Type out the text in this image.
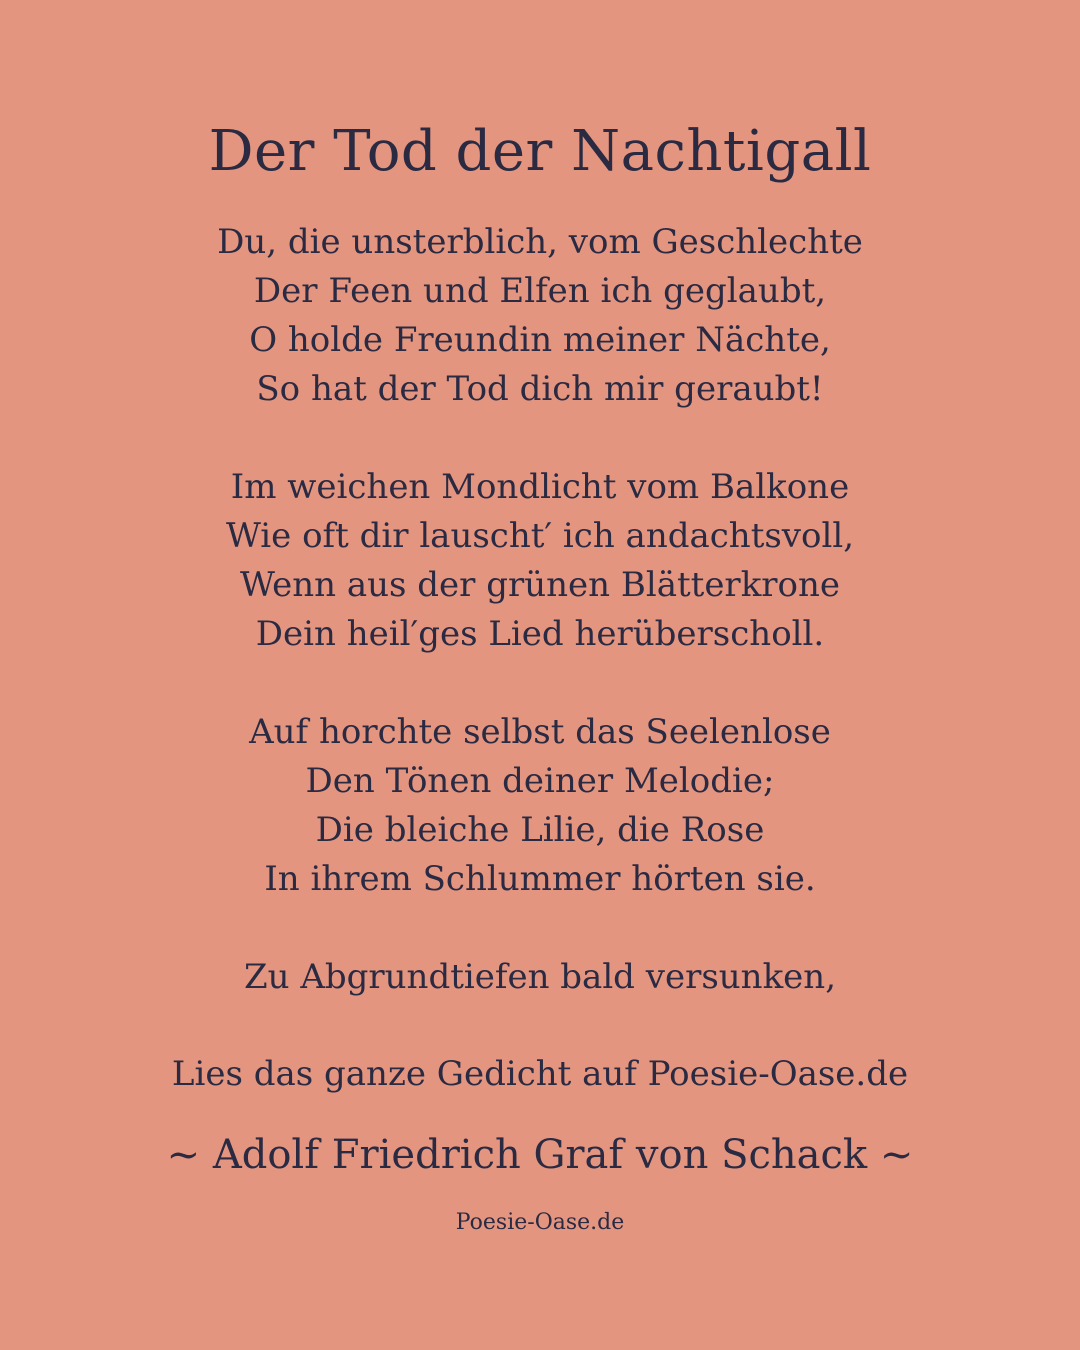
Der Tod der Nachtigall
Du, die unsterblich, vom Geschlechte
Der Feen und Elfen ich geglaubt,
O holde Freundin meiner Nächte,
So hat der Tod dich mir geraubt!
Im weichen Mondlicht vom Balkone
Wie oft dir lauscht′ ich andachtsvoll,
Wenn aus der grünen Blätterkrone
Dein heil′ges Lied herüberscholl.
Auf horchte selbst das Seelenlose
Den Tönen deiner Melodie;
Die bleiche Lilie, die Rose
In ihrem Schlummer hörten sie.
Zu Abgrundtiefen bald versunken,
Lies das ganze Gedicht auf Poesie-Oase.de
~ Adolf Friedrich Graf von Schack ~
Poesie-Oase.de
